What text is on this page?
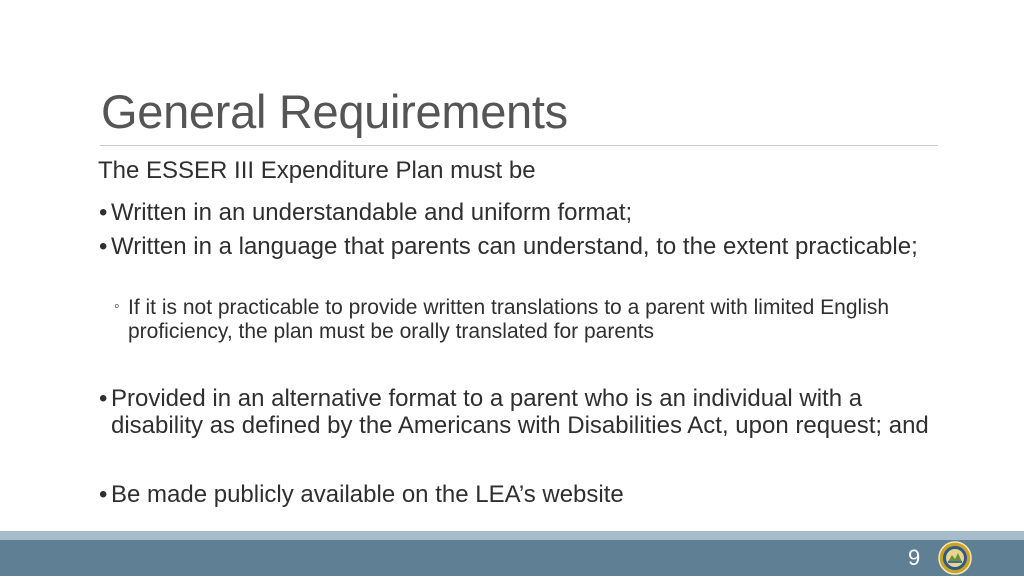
General Requirements
The ESSER III Expenditure Plan must be
• Written in an understandable and uniform format;
• Written in a language that parents can understand, to the extent practicable;
◦ If it is not practicable to provide written translations to a parent with limited English proficiency, the plan must be orally translated for parents
• Provided in an alternative format to a parent who is an individual with a disability as defined by the Americans with Disabilities Act, upon request; and
• Be made publicly available on the LEA’s website
9
